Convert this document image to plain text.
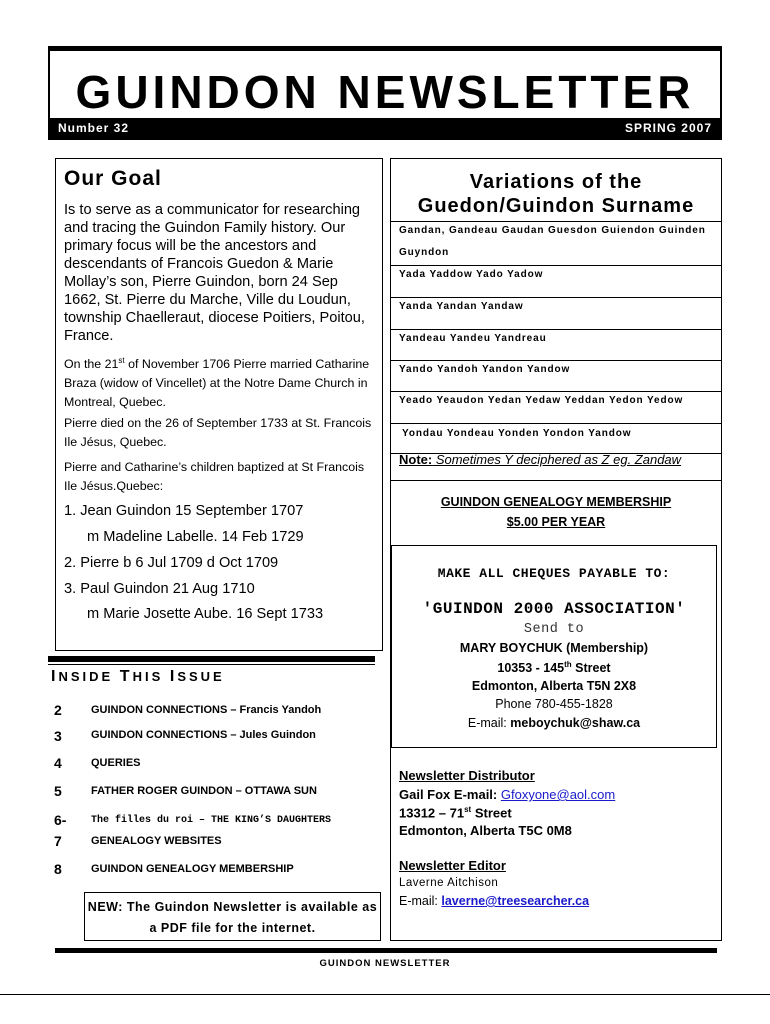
GUINDON NEWSLETTER
Number 32	SPRING 2007
Our Goal

Is to serve as a communicator for researching and tracing the Guindon Family history. Our primary focus will be the ancestors and descendants of Francois Guedon & Marie Mollay’s son, Pierre Guindon, born 24 Sep 1662, St. Pierre du Marche, Ville du Loudun, township Chaelleraut, diocese Poitiers, Poitou, France.

On the 21st of November 1706 Pierre married Catharine Braza (widow of Vincellet) at the Notre Dame Church in Montreal, Quebec.

Pierre died on the 26 of September 1733 at St. Francois Ile Jésus, Quebec.

Pierre and Catharine’s children baptized at St Francois Ile Jésus.Quebec:

1. Jean Guindon 15 September 1707
m Madeline Labelle. 14 Feb 1729
2. Pierre b 6 Jul 1709 d Oct 1709
3. Paul Guindon 21 Aug 1710
m Marie Josette Aube. 16 Sept 1733
INSIDE THIS ISSUE
2	GUINDON CONNECTIONS – Francis Yandoh
3	GUINDON CONNECTIONS – Jules Guindon
4	QUERIES
5	FATHER ROGER GUINDON – OTTAWA SUN
6- The filles du roi – THE KING’S DAUGHTERS
7	GENEALOGY WEBSITES
8	GUINDON GENEALOGY MEMBERSHIP
NEW: The Guindon Newsletter is available as
a PDF file for the internet.
Variations of the
Guedon/Guindon Surname
Gandan, Gandeau Gaudan Guesdon Guiendon Guinden
Guyndon
Yada Yaddow Yado Yadow
Yanda Yandan Yandaw
Yandeau Yandeu Yandreau
Yando Yandoh Yandon Yandow
Yeado Yeaudon Yedan Yedaw Yeddan Yedon Yedow
Yondau Yondeau Yonden Yondon Yandow
Note: Sometimes Y deciphered as Z eg. Zandaw
GUINDON GENEALOGY MEMBERSHIP
$5.00 PER YEAR
MAKE ALL CHEQUES PAYABLE TO:
'GUINDON 2000 ASSOCIATION'
Send to
MARY BOYCHUK (Membership)
10353 - 145th Street
Edmonton, Alberta T5N 2X8
Phone 780-455-1828
E-mail: meboychuk@shaw.ca
Newsletter Distributor
Gail Fox E-mail: Gfoxyone@aol.com
13312 – 71st Street
Edmonton, Alberta T5C 0M8
Newsletter Editor
Laverne Aitchison
E-mail: laverne@treesearcher.ca
GUINDON NEWSLETTER
